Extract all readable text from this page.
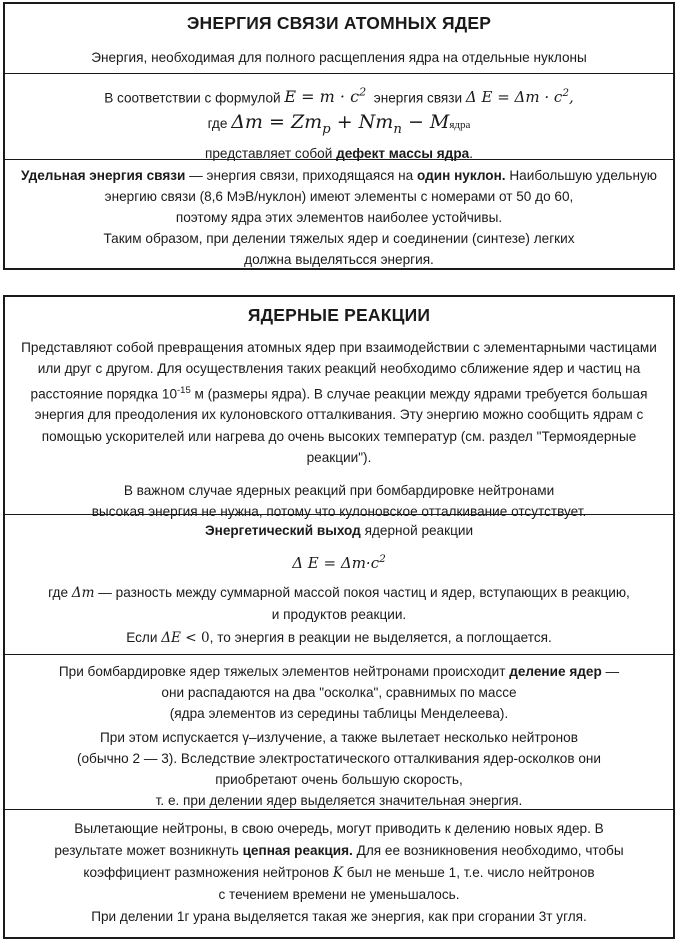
ЭНЕРГИЯ СВЯЗИ АТОМНЫХ ЯДЕР
Энергия, необходимая для полного расщепления ядра на отдельные нуклоны
В соответствии с формулой $E = m \cdot c^2$ энергия связи Δ $E = \Delta m \cdot c^2$,
где $\Delta m = Zm_p + Nm_n$ − Mядра
представляет собой дефект массы ядра.
Удельная энергия связи — энергия связи, приходящаяся на один нуклон. Наибольшую удельную энергию связи (8,6 МэВ/нуклон) имеют элементы с номерами от 50 до 60,
поэтому ядра этих элементов наиболее устойчивы.
Таким образом, при делении тяжелых ядер и соединении (синтезе) легких
должна выделятьсся энергия.
ЯДЕРНЫЕ РЕАКЦИИ
Представляют собой превращения атомных ядер при взаимодействии с элементарными частицами или друг с другом. Для осуществления таких реакций необходимо сближение ядер и частиц на расстояние порядка $10^{-15}$ м (размеры ядра). В случае реакции между ядрами требуется большая энергия для преодоления их кулоновского отталкивания. Эту энергию можно сообщить ядрам с помощью ускорителей или нагрева до очень высоких температур (см. раздел "Термоядерные реакции").
В важном случае ядерных реакций при бомбардировке нейтронами
высокая энергия не нужна, потому что кулоновское отталкивание отсутствует.
Энергетический выход ядерной реакции
Δ $E = \Delta m\cdot c^2$
где Δm — разность между суммарной массой покоя частиц и ядер, вступающих в реакцию,
и продуктов реакции.
Если ΔE < 0, то энергия в реакции не выделяется, а поглощается.
При бомбардировке ядер тяжелых элементов нейтронами происходит деление ядер —
они распадаются на два "осколка", сравнимых по массе
(ядра элементов из середины таблицы Менделеева).
При этом испускается γ–излучение, а также вылетает несколько нейтронов
(обычно 2 — 3). Вследствие электростатического отталкивания ядер-осколков они
приобретают очень большую скорость,
т. е. при делении ядер выделяется значительная энергия.
Вылетающие нейтроны, в свою очередь, могут приводить к делению новых ядер. В
результате может возникнуть цепная реакция. Для ее возникновения необходимо, чтобы
коэффициент размножения нейтронов K был не меньше 1, т.е. число нейтронов
с течением времени не уменьшалось.
При делении 1г урана выделяется такая же энергия, как при сгорании 3т угля.
